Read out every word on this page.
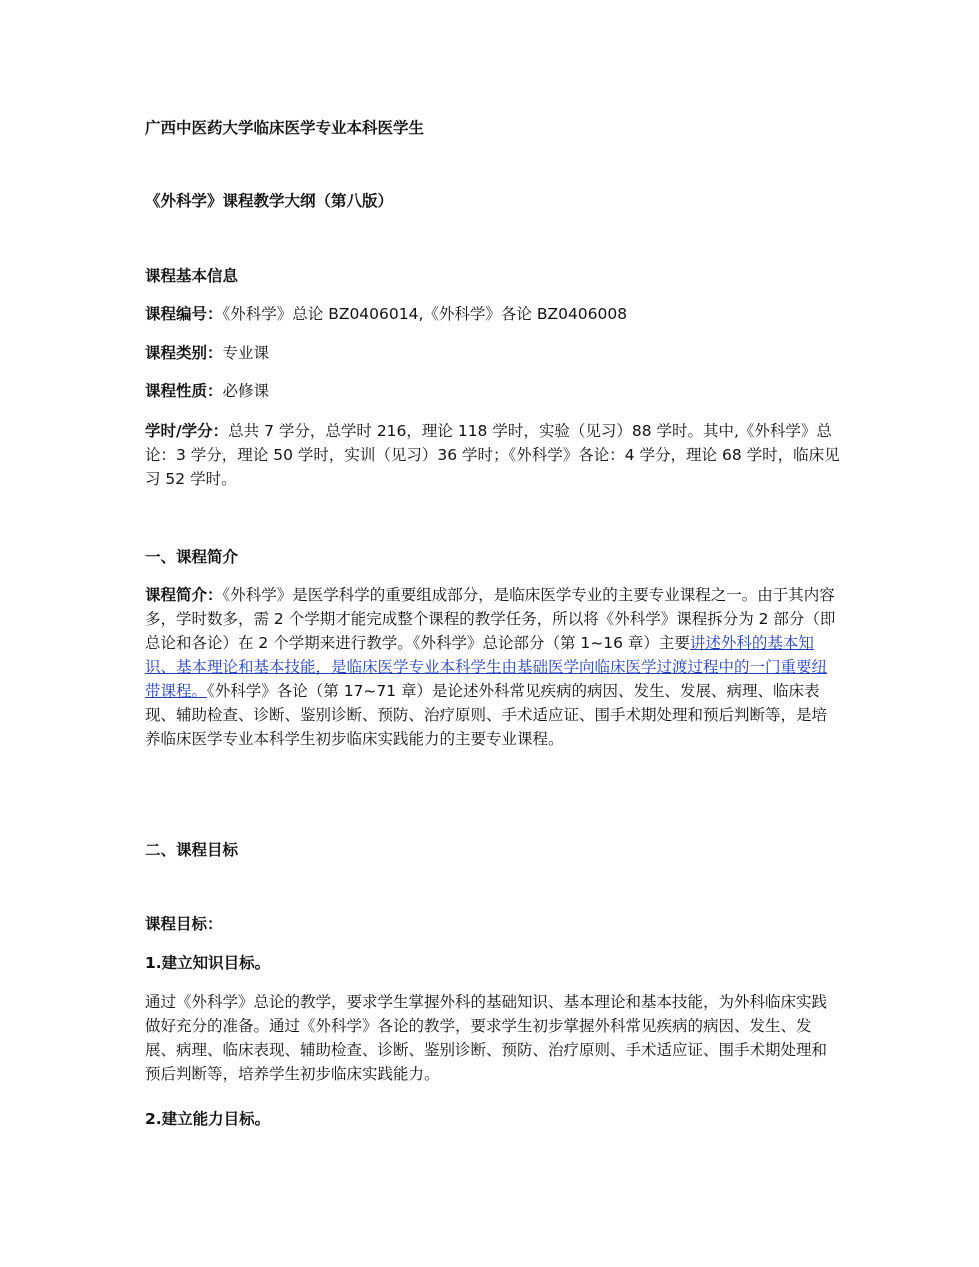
广西中医药大学临床医学专业本科医学生

《外科学》课程教学大纲（第八版）

课程基本信息

课程编号：《外科学》总论 BZ0406014,《外科学》各论 BZ0406008

课程类别：专业课

课程性质：必修课

学时/学分：总共 7 学分，总学时 216，理论 118 学时，实验（见习）88 学时。其中,《外科学》总论：3 学分，理论 50 学时，实训（见习）36 学时；《外科学》各论：4 学分，理论 68 学时，临床见习 52 学时。

一、课程简介

课程简介：《外科学》是医学科学的重要组成部分，是临床医学专业的主要专业课程之一。由于其内容多，学时数多，需 2 个学期才能完成整个课程的教学任务，所以将《外科学》课程拆分为 2 部分（即总论和各论）在 2 个学期来进行教学。《外科学》总论部分（第 1~16 章）主要讲述外科的基本知识、基本理论和基本技能，是临床医学专业本科学生由基础医学向临床医学过渡过程中的一门重要纽带课程。《外科学》各论（第 17~71 章）是论述外科常见疾病的病因、发生、发展、病理、临床表现、辅助检查、诊断、鉴别诊断、预防、治疗原则、手术适应证、围手术期处理和预后判断等，是培养临床医学专业本科学生初步临床实践能力的主要专业课程。

二、课程目标

课程目标：

1.建立知识目标。

通过《外科学》总论的教学，要求学生掌握外科的基础知识、基本理论和基本技能，为外科临床实践做好充分的准备。通过《外科学》各论的教学，要求学生初步掌握外科常见疾病的病因、发生、发展、病理、临床表现、辅助检查、诊断、鉴别诊断、预防、治疗原则、手术适应证、围手术期处理和预后判断等，培养学生初步临床实践能力。

2.建立能力目标。
